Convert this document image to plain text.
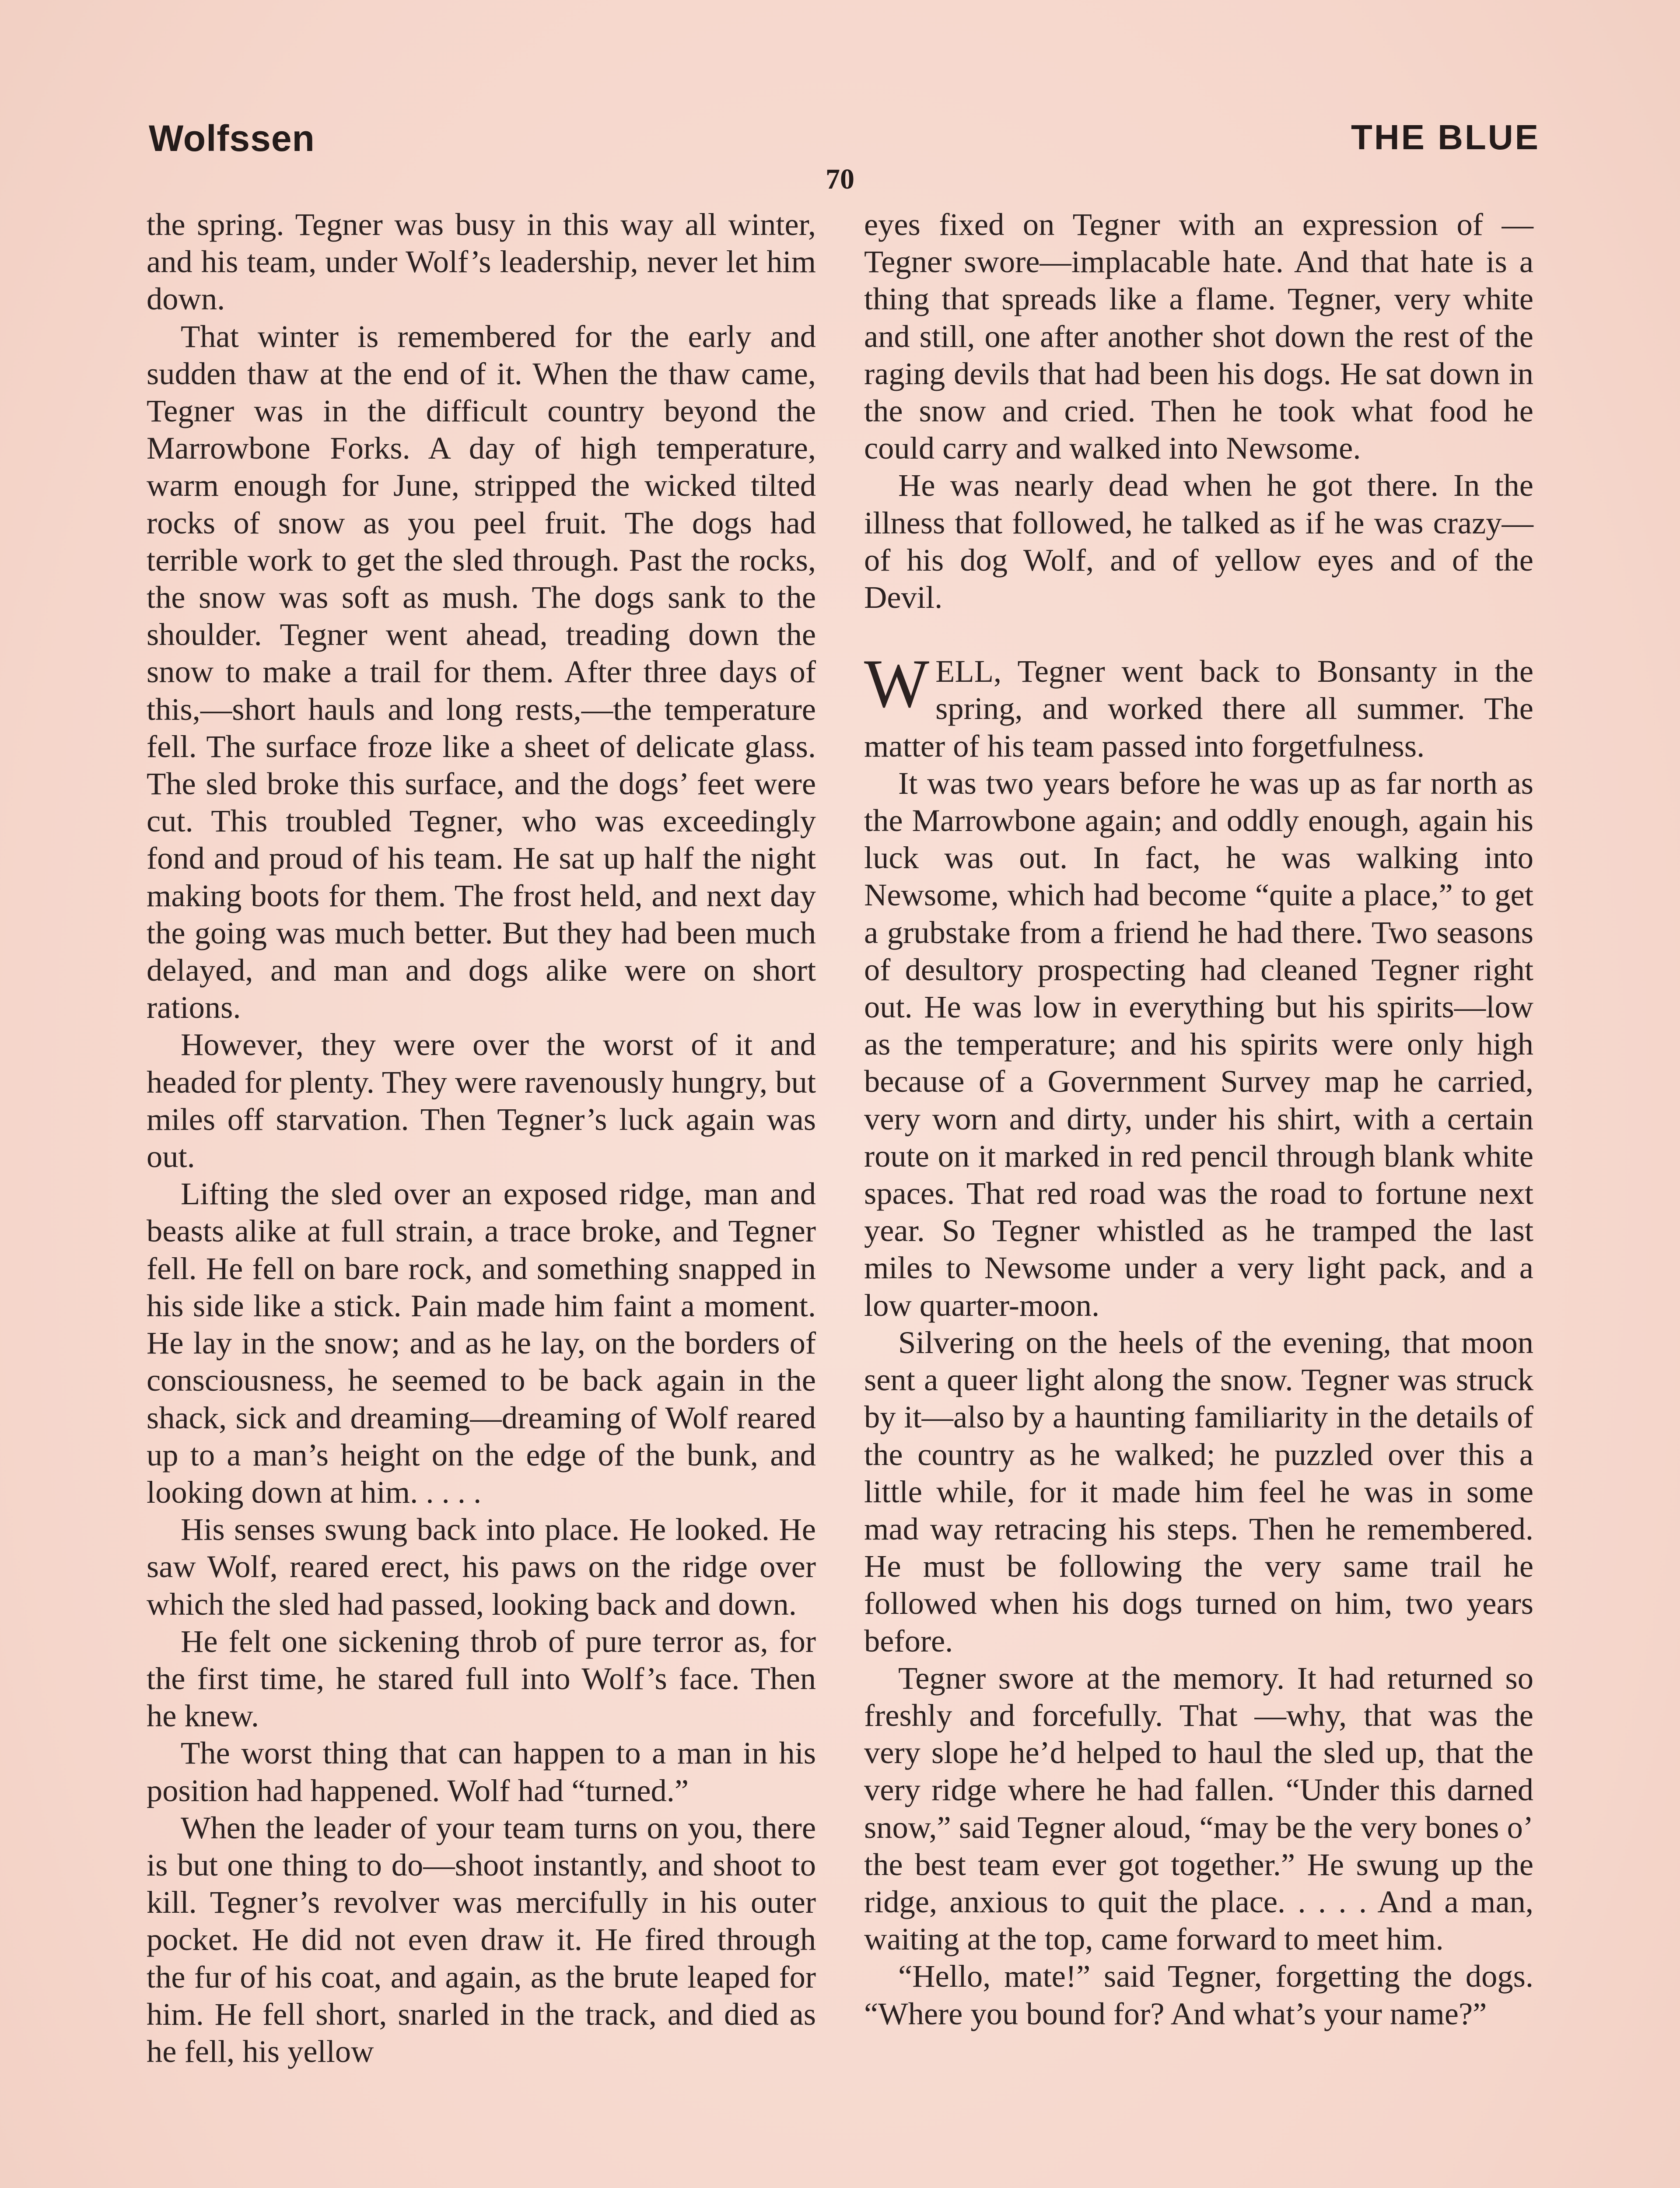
Wolfssen	THE BLUE
70

the spring. Tegner was busy in this way all winter, and his team, under Wolf’s leadership, never let him down.

That winter is remembered for the early and sudden thaw at the end of it. When the thaw came, Tegner was in the difficult country beyond the Marrowbone Forks. A day of high temperature, warm enough for June, stripped the wicked tilted rocks of snow as you peel fruit. The dogs had terrible work to get the sled through. Past the rocks, the snow was soft as mush. The dogs sank to the shoulder. Tegner went ahead, treading down the snow to make a trail for them. After three days of this,—short hauls and long rests,—the temperature fell. The surface froze like a sheet of delicate glass. The sled broke this surface, and the dogs’ feet were cut. This troubled Tegner, who was exceedingly fond and proud of his team. He sat up half the night making boots for them. The frost held, and next day the going was much better. But they had been much delayed, and man and dogs alike were on short rations.

However, they were over the worst of it and headed for plenty. They were ravenously hungry, but miles off starvation. Then Tegner’s luck again was out.

Lifting the sled over an exposed ridge, man and beasts alike at full strain, a trace broke, and Tegner fell. He fell on bare rock, and something snapped in his side like a stick. Pain made him faint a moment. He lay in the snow; and as he lay, on the borders of consciousness, he seemed to be back again in the shack, sick and dreaming—dreaming of Wolf reared up to a man’s height on the edge of the bunk, and looking down at him. . . . .

His senses swung back into place. He looked. He saw Wolf, reared erect, his paws on the ridge over which the sled had passed, looking back and down.

He felt one sickening throb of pure terror as, for the first time, he stared full into Wolf’s face. Then he knew.

The worst thing that can happen to a man in his position had happened. Wolf had “turned.”

When the leader of your team turns on you, there is but one thing to do—shoot instantly, and shoot to kill. Tegner’s revolver was mercifully in his outer pocket. He did not even draw it. He fired through the fur of his coat, and again, as the brute leaped for him. He fell short, snarled in the track, and died as he fell, his yellow

eyes fixed on Tegner with an expression of —Tegner swore—implacable hate. And that hate is a thing that spreads like a flame. Tegner, very white and still, one after another shot down the rest of the raging devils that had been his dogs. He sat down in the snow and cried. Then he took what food he could carry and walked into Newsome.

He was nearly dead when he got there. In the illness that followed, he talked as if he was crazy—of his dog Wolf, and of yellow eyes and of the Devil.

WELL, Tegner went back to Bonsanty in the spring, and worked there all summer. The matter of his team passed into forgetfulness.

It was two years before he was up as far north as the Marrowbone again; and oddly enough, again his luck was out. In fact, he was walking into Newsome, which had become “quite a place,” to get a grubstake from a friend he had there. Two seasons of desultory prospecting had cleaned Tegner right out. He was low in everything but his spirits—low as the temperature; and his spirits were only high because of a Government Survey map he carried, very worn and dirty, under his shirt, with a certain route on it marked in red pencil through blank white spaces. That red road was the road to fortune next year. So Tegner whistled as he tramped the last miles to Newsome under a very light pack, and a low quarter-moon.

Silvering on the heels of the evening, that moon sent a queer light along the snow. Tegner was struck by it—also by a haunting familiarity in the details of the country as he walked; he puzzled over this a little while, for it made him feel he was in some mad way retracing his steps. Then he remembered. He must be following the very same trail he followed when his dogs turned on him, two years before.

Tegner swore at the memory. It had returned so freshly and forcefully. That —why, that was the very slope he’d helped to haul the sled up, that the very ridge where he had fallen. “Under this darned snow,” said Tegner aloud, “may be the very bones o’ the best team ever got together.” He swung up the ridge, anxious to quit the place. . . . . And a man, waiting at the top, came forward to meet him.

“Hello, mate!” said Tegner, forgetting the dogs. “Where you bound for? And what’s your name?”
